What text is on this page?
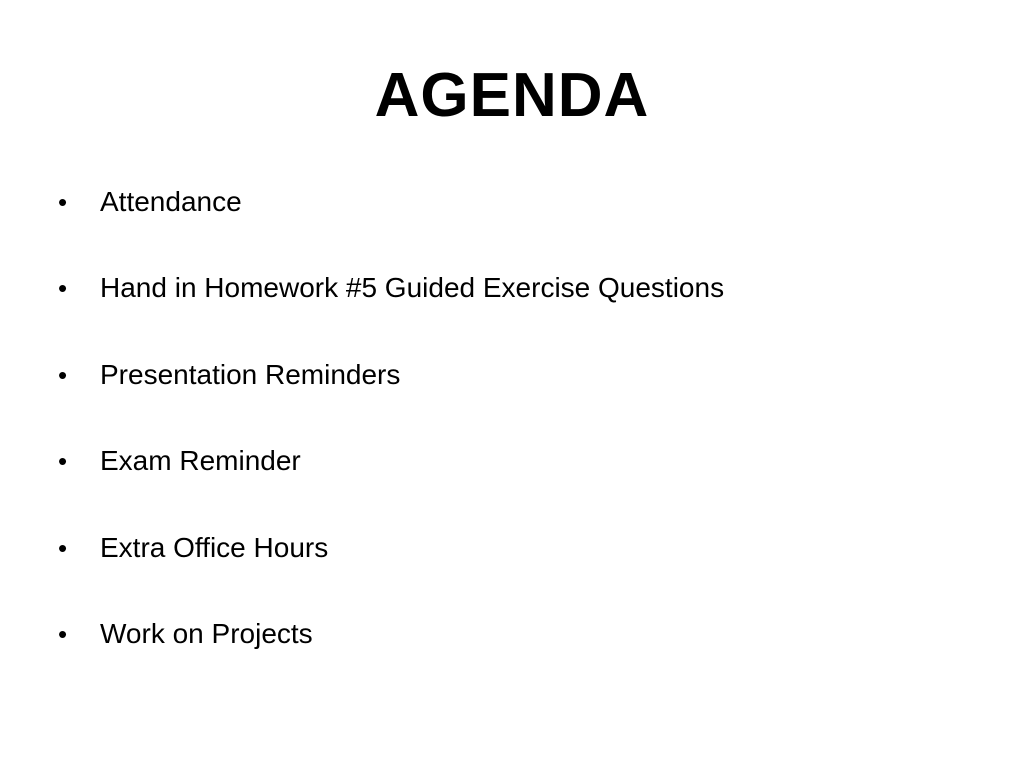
AGENDA
•	Attendance
•	Hand in Homework #5 Guided Exercise Questions
•	Presentation Reminders
•	Exam Reminder
•	Extra Office Hours
•	Work on Projects
